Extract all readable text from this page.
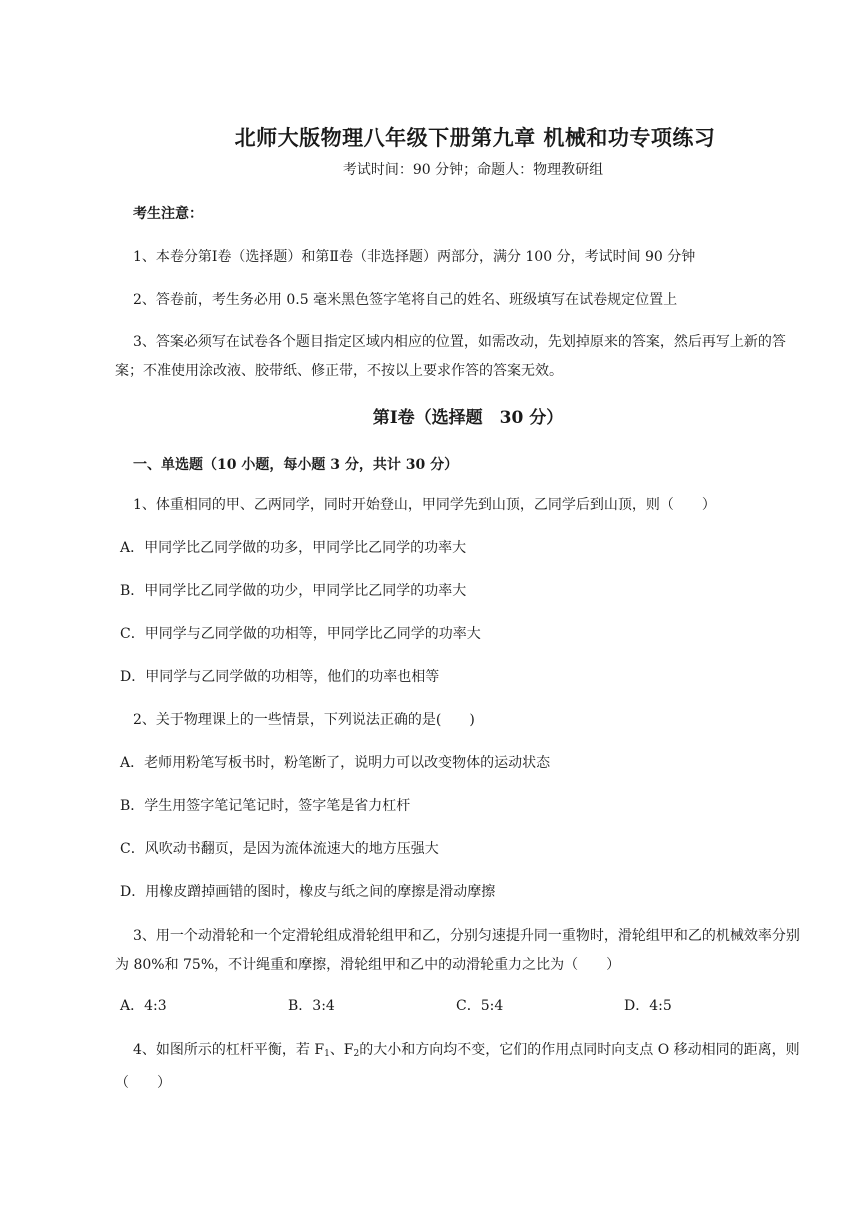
北师大版物理八年级下册第九章 机械和功专项练习
考试时间：90 分钟；命题人：物理教研组
考生注意：
1、本卷分第Ⅰ卷（选择题）和第Ⅱ卷（非选择题）两部分，满分 100 分，考试时间 90 分钟
2、答卷前，考生务必用 0.5 毫米黑色签字笔将自己的姓名、班级填写在试卷规定位置上
3、答案必须写在试卷各个题目指定区域内相应的位置，如需改动，先划掉原来的答案，然后再写上新的答案；不准使用涂改液、胶带纸、修正带，不按以上要求作答的答案无效。
第Ⅰ卷（选择题　30 分）
一、单选题（10 小题，每小题 3 分，共计 30 分）
1、体重相同的甲、乙两同学，同时开始登山，甲同学先到山顶，乙同学后到山顶，则（　　）
A．甲同学比乙同学做的功多，甲同学比乙同学的功率大
B．甲同学比乙同学做的功少，甲同学比乙同学的功率大
C．甲同学与乙同学做的功相等，甲同学比乙同学的功率大
D．甲同学与乙同学做的功相等，他们的功率也相等
2、关于物理课上的一些情景，下列说法正确的是(　　)
A．老师用粉笔写板书时，粉笔断了，说明力可以改变物体的运动状态
B．学生用签字笔记笔记时，签字笔是省力杠杆
C．风吹动书翻页，是因为流体流速大的地方压强大
D．用橡皮蹭掉画错的图时，橡皮与纸之间的摩擦是滑动摩擦
3、用一个动滑轮和一个定滑轮组成滑轮组甲和乙，分别匀速提升同一重物时，滑轮组甲和乙的机械效率分别为 80%和 75%，不计绳重和摩擦，滑轮组甲和乙中的动滑轮重力之比为（　　）
A．4:3	B．3:4	C．5:4	D．4:5
4、如图所示的杠杆平衡，若 $F_1$、$F_2$的大小和方向均不变，它们的作用点同时向支点 O 移动相同的距离，则（　　）
